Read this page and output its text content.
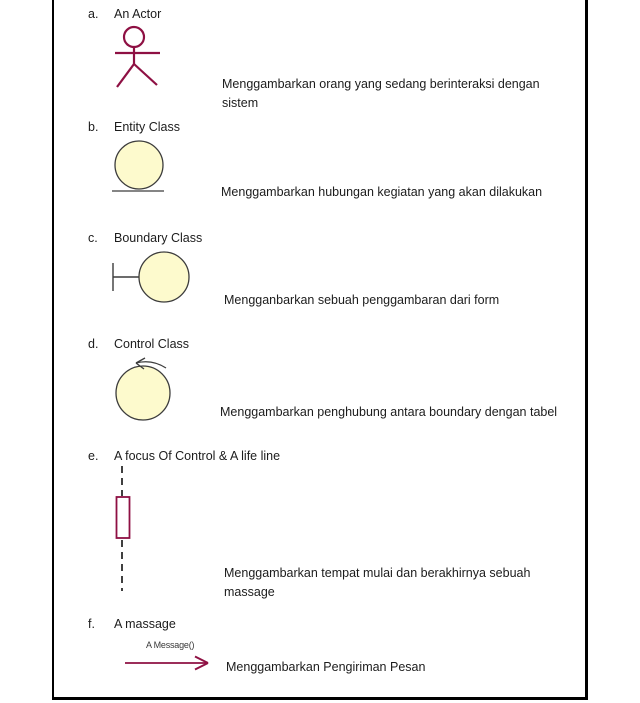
a. An Actor
Menggambarkan orang yang sedang berinteraksi dengan sistem
b. Entity Class
Menggambarkan hubungan kegiatan yang akan dilakukan
c. Boundary Class
Mengganbarkan sebuah penggambaran dari form
d. Control Class
Menggambarkan penghubung antara boundary dengan tabel
e. A focus Of Control & A life line
Menggambarkan tempat mulai dan berakhirnya sebuah massage
f. A massage
A Message()
Menggambarkan Pengiriman Pesan
